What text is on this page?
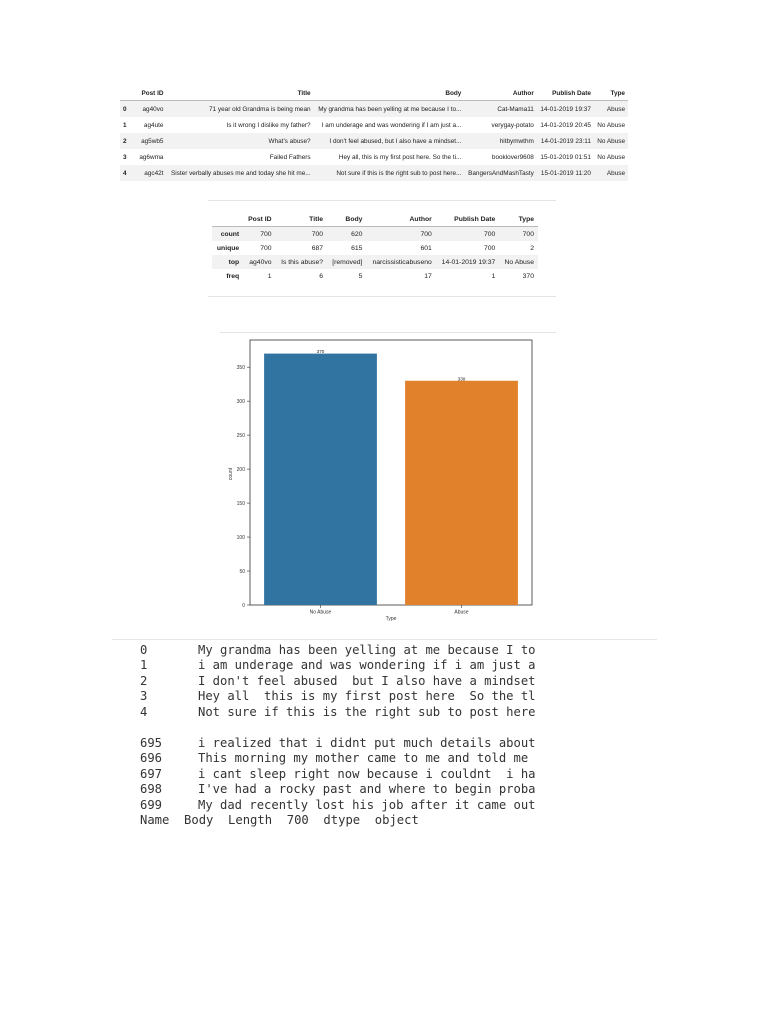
	Post ID	Title	Body	Author	Publish Date	Type
0	ag40vo	71 year old Grandma is being mean	My grandma has been yelling at me because I to...	Cat-Mama11	14-01-2019 19:37	Abuse
1	ag4ute	Is it wrong I dislike my father?	I am underage and was wondering if I am just a...	verygay-potato	14-01-2019 20:45	No Abuse
2	ag5wb5	What's abuse?	I don't feel abused, but I also have a mindset...	hitbymwthm	14-01-2019 23:11	No Abuse
3	ag6wma	Failed Fathers	Hey all, this is my first post here. So the ti...	booklover9608	15-01-2019 01:51	No Abuse
4	agc42t	Sister verbally abuses me and today she hit me...	Not sure if this is the right sub to post here...	BangersAndMashTasty	15-01-2019 11:20	Abuse
	Post ID	Title	Body	Author	Publish Date	Type
count	700	700	620	700	700	700
unique	700	687	615	601	700	2
top	ag40vo	Is this abuse?	[removed]	narcissisticabuseno	14-01-2019 19:37	No Abuse
freq	1	6	5	17	1	370
0
50
100
150
200
250
300
350
370
330
No Abuse	Abuse
count
Type
0	My grandma has been yelling at me because I to
1	i am underage and was wondering if i am just a
2	I don't feel abused  but I also have a mindset
3	Hey all  this is my first post here  So the tl
4	Not sure if this is the right sub to post here
695	i realized that i didnt put much details about
696	This morning my mother came to me and told me
697	i cant sleep right now because i couldnt  i ha
698	I've had a rocky past and where to begin proba
699	My dad recently lost his job after it came out
Name  Body  Length  700  dtype  object
